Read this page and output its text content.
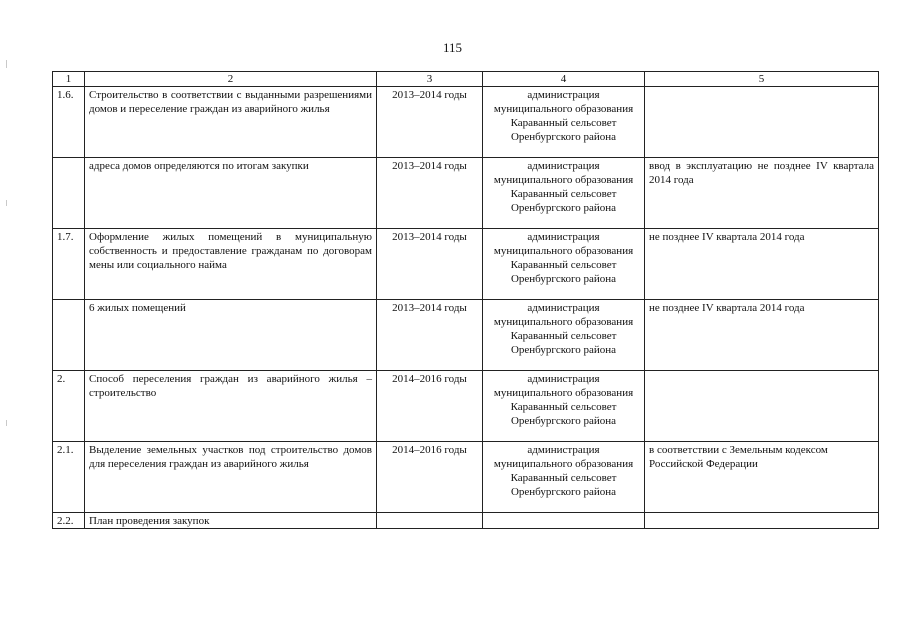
115
1	2	3	4	5
1.6.	Строительство в соответствии с выданными разрешениями домов и переселение граждан из аварийного жилья	2013–2014 годы	администрация муниципального образования Караванный сельсовет Оренбургского района	
	адреса домов определяются по итогам закупки	2013–2014 годы	администрация муниципального образования Караванный сельсовет Оренбургского района	ввод в эксплуатацию не позднее IV квартала 2014 года
1.7.	Оформление жилых помещений в муниципальную собственность и предоставление гражданам по договорам мены или социального найма	2013–2014 годы	администрация муниципального образования Караванный сельсовет Оренбургского района	не позднее IV квартала 2014 года
	6 жилых помещений	2013–2014 годы	администрация муниципального образования Караванный сельсовет Оренбургского района	не позднее IV квартала 2014 года
2.	Способ переселения граждан из аварийного жилья – строительство	2014–2016 годы	администрация муниципального образования Караванный сельсовет Оренбургского района	
2.1.	Выделение земельных участков под строительство домов для переселения граждан из аварийного жилья	2014–2016 годы	администрация муниципального образования Караванный сельсовет Оренбургского района	в соответствии с Земельным кодексом Российской Федерации
2.2.	План проведения закупок			
